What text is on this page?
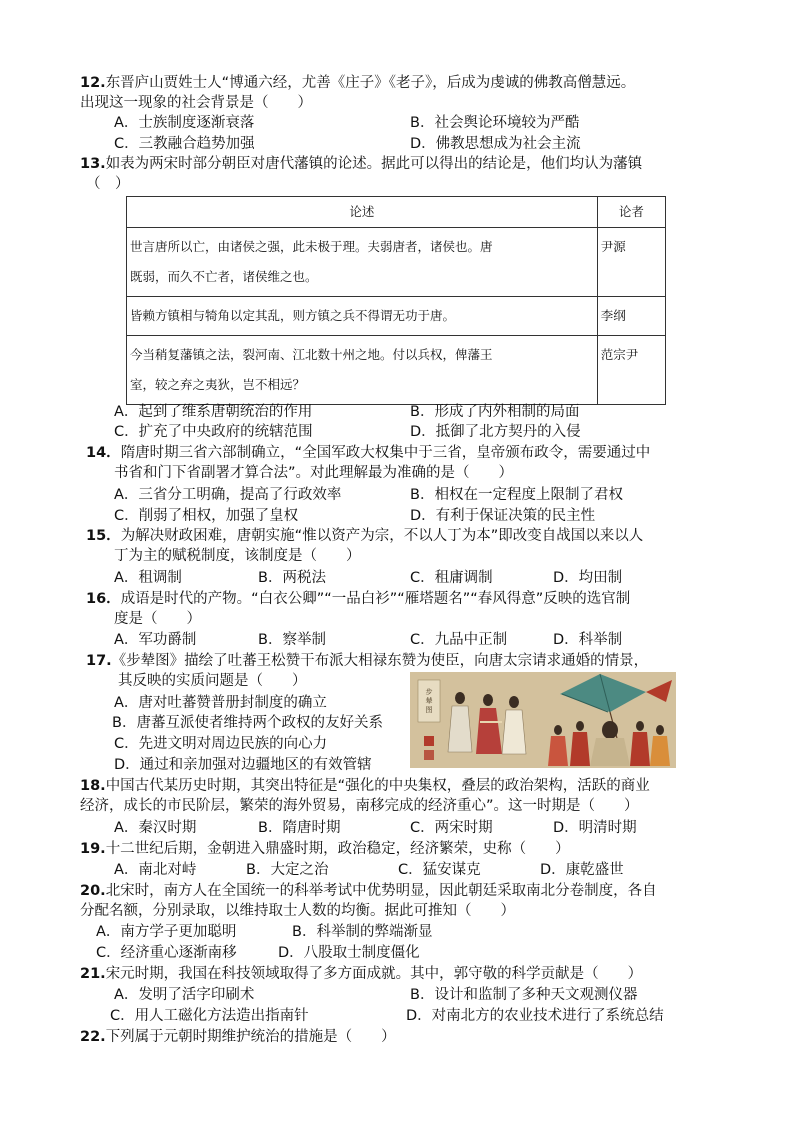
12.东晋庐山贾姓士人“博通六经，尤善《庄子》《老子》，后成为虔诚的佛教高僧慧远。
出现这一现象的社会背景是（　　）
A．士族制度逐渐衰落	B．社会舆论环境较为严酷
C．三教融合趋势加强	D．佛教思想成为社会主流
13.如表为两宋时部分朝臣对唐代藩镇的论述。据此可以得出的结论是，他们均认为藩镇
（　）
论述	论者
世言唐所以亡，由诸侯之强，此未极于理。夫弱唐者，诸侯也。唐
既弱，而久不亡者，诸侯维之也。	尹源
皆赖方镇相与犄角以定其乱，则方镇之兵不得谓无功于唐。	李纲
今当稍复藩镇之法，裂河南、江北数十州之地。付以兵权，俾藩王
室，较之弃之夷狄，岂不相远？	范宗尹
A．起到了维系唐朝统治的作用	B．形成了内外相制的局面
C．扩充了中央政府的统辖范围	D．抵御了北方契丹的入侵
14．隋唐时期三省六部制确立，“全国军政大权集中于三省，皇帝颁布政令，需要通过中
书省和门下省副署才算合法”。对此理解最为准确的是（　　）
A．三省分工明确，提高了行政效率	B．相权在一定程度上限制了君权
C．削弱了相权，加强了皇权	D．有利于保证决策的民主性
15．为解决财政困难，唐朝实施“惟以资产为宗，不以人丁为本”即改变自战国以来以人
丁为主的赋税制度，该制度是（　　）
A．租调制	B．两税法	C．租庸调制	D．均田制
16．成语是时代的产物。“白衣公卿”“一品白衫”“雁塔题名”“春风得意”反映的选官制
度是（　　）
A．军功爵制	B．察举制	C．九品中正制	D．科举制
17.《步辇图》描绘了吐蕃王松赞干布派大相禄东赞为使臣，向唐太宗请求通婚的情景，
其反映的实质问题是（　　）
A．唐对吐蕃赞普册封制度的确立
B．唐蕃互派使者维持两个政权的友好关系
C．先进文明对周边民族的向心力
D．通过和亲加强对边疆地区的有效管辖
步辇图
18.中国古代某历史时期，其突出特征是“强化的中央集权，叠层的政治架构，活跃的商业
经济，成长的市民阶层，繁荣的海外贸易，南移完成的经济重心”。这一时期是（　　）
A．秦汉时期	B．隋唐时期	C．两宋时期	D．明清时期
19.十二世纪后期，金朝进入鼎盛时期，政治稳定，经济繁荣，史称（　　）
A．南北对峙	B．大定之治	C．猛安谋克	D．康乾盛世
20.北宋时，南方人在全国统一的科举考试中优势明显，因此朝廷采取南北分卷制度，各自
分配名额，分别录取，以维持取士人数的均衡。据此可推知（　　）
A．南方学子更加聪明	B．科举制的弊端渐显
C．经济重心逐渐南移	D．八股取士制度僵化
21.宋元时期，我国在科技领域取得了多方面成就。其中，郭守敬的科学贡献是（　　）
A．发明了活字印刷术	B．设计和监制了多种天文观测仪器
C．用人工磁化方法造出指南针	D．对南北方的农业技术进行了系统总结
22.下列属于元朝时期维护统治的措施是（　　）
